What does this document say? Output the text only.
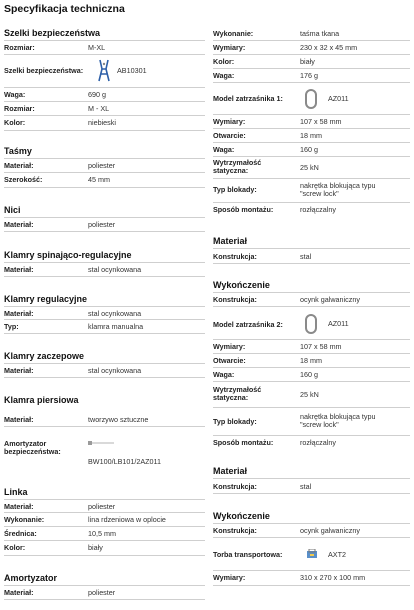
Specyfikacja techniczna
Szelki bezpieczeństwa
Rozmiar:	M-XL
Szelki bezpieczeństwa:	AB10301
Waga:	690 g
Rozmiar:	M - XL
Kolor:	niebieski
Taśmy
Materiał:	poliester
Szerokość:	45 mm
Nici
Materiał:	poliester
Klamry spinająco-regulacyjne
Materiał:	stal ocynkowana
Klamry regulacyjne
Materiał:	stal ocynkowana
Typ:	klamra manualna
Klamry zaczepowe
Materiał:	stal ocynkowana
Klamra piersiowa
Materiał:	tworzywo sztuczne
Amortyzator
bezpieczeństwa:
BW100/LB101/2AZ011
Linka
Materiał:	poliester
Wykonanie:	lina rdzeniowa w oplocie
Średnica:	10,5 mm
Kolor:	biały
Amortyzator
Materiał:	poliester
Wykonanie:	taśma tkana
Wymiary:	230 x 32 x 45 mm
Kolor:	biały
Waga:	176 g
Model zatrzaśnika 1:	AZ011
Wymiary:	107 x 58 mm
Otwarcie:	18 mm
Waga:	160 g
Wytrzymałość
statyczna:	25 kN
Typ blokady:	nakrętka blokująca typu
"screw lock"
Sposób montażu:	rozłączalny
Materiał
Konstrukcja:	stal
Wykończenie
Konstrukcja:	ocynk galwaniczny
Model zatrzaśnika 2:	AZ011
Wymiary:	107 x 58 mm
Otwarcie:	18 mm
Waga:	160 g
Wytrzymałość
statyczna:	25 kN
Typ blokady:
nakrętka blokująca typu
"screw lock"
Sposób montażu:	rozłączalny
Materiał
Konstrukcja:	stal
Wykończenie
Konstrukcja:	ocynk galwaniczny
Torba transportowa:	AXT2
Wymiary:	310 x 270 x 100 mm
